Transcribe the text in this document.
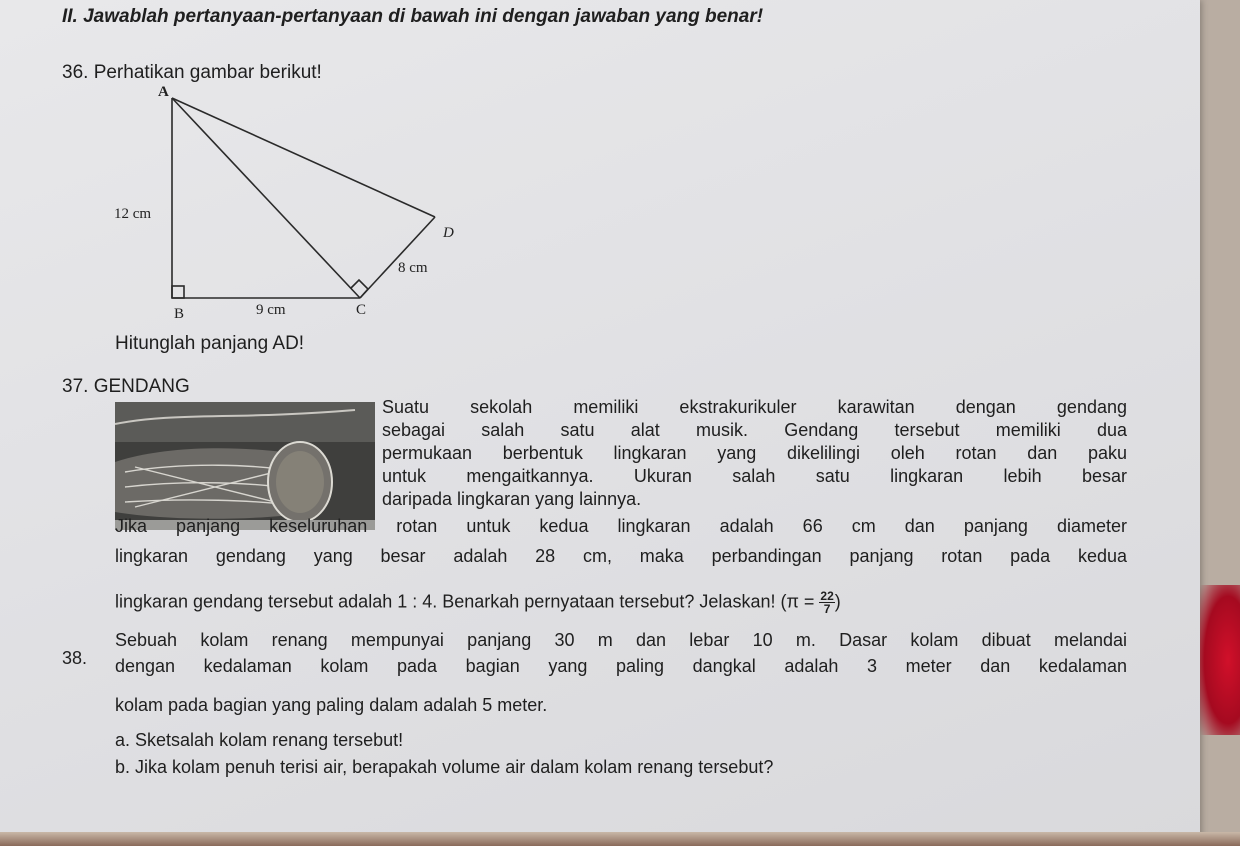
II. Jawablah pertanyaan-pertanyaan di bawah ini dengan jawaban yang benar!
36. Perhatikan gambar berikut!
A
B	C
D
12 cm
9 cm
8 cm
Hitunglah panjang AD!
37. GENDANG
Suatu sekolah memiliki ekstrakurikuler karawitan dengan gendang
sebagai salah satu alat musik. Gendang tersebut memiliki dua
permukaan berbentuk lingkaran yang dikelilingi oleh rotan dan paku
untuk mengaitkannya. Ukuran salah satu lingkaran lebih besar
daripada lingkaran yang lainnya.
Jika panjang keseluruhan rotan untuk kedua lingkaran adalah 66 cm dan panjang diameter
lingkaran gendang yang besar adalah 28 cm, maka perbandingan panjang rotan pada kedua
lingkaran gendang tersebut adalah 1 : 4. Benarkah pernyataan tersebut? Jelaskan! ($\pi = \frac{22}{7}$ )
38.
Sebuah kolam renang mempunyai panjang 30 m dan lebar 10 m. Dasar kolam dibuat melandai
dengan kedalaman kolam pada bagian yang paling dangkal adalah 3 meter dan kedalaman
kolam pada bagian yang paling dalam adalah 5 meter.
a. Sketsalah kolam renang tersebut!
b. Jika kolam penuh terisi air, berapakah volume air dalam kolam renang tersebut?
